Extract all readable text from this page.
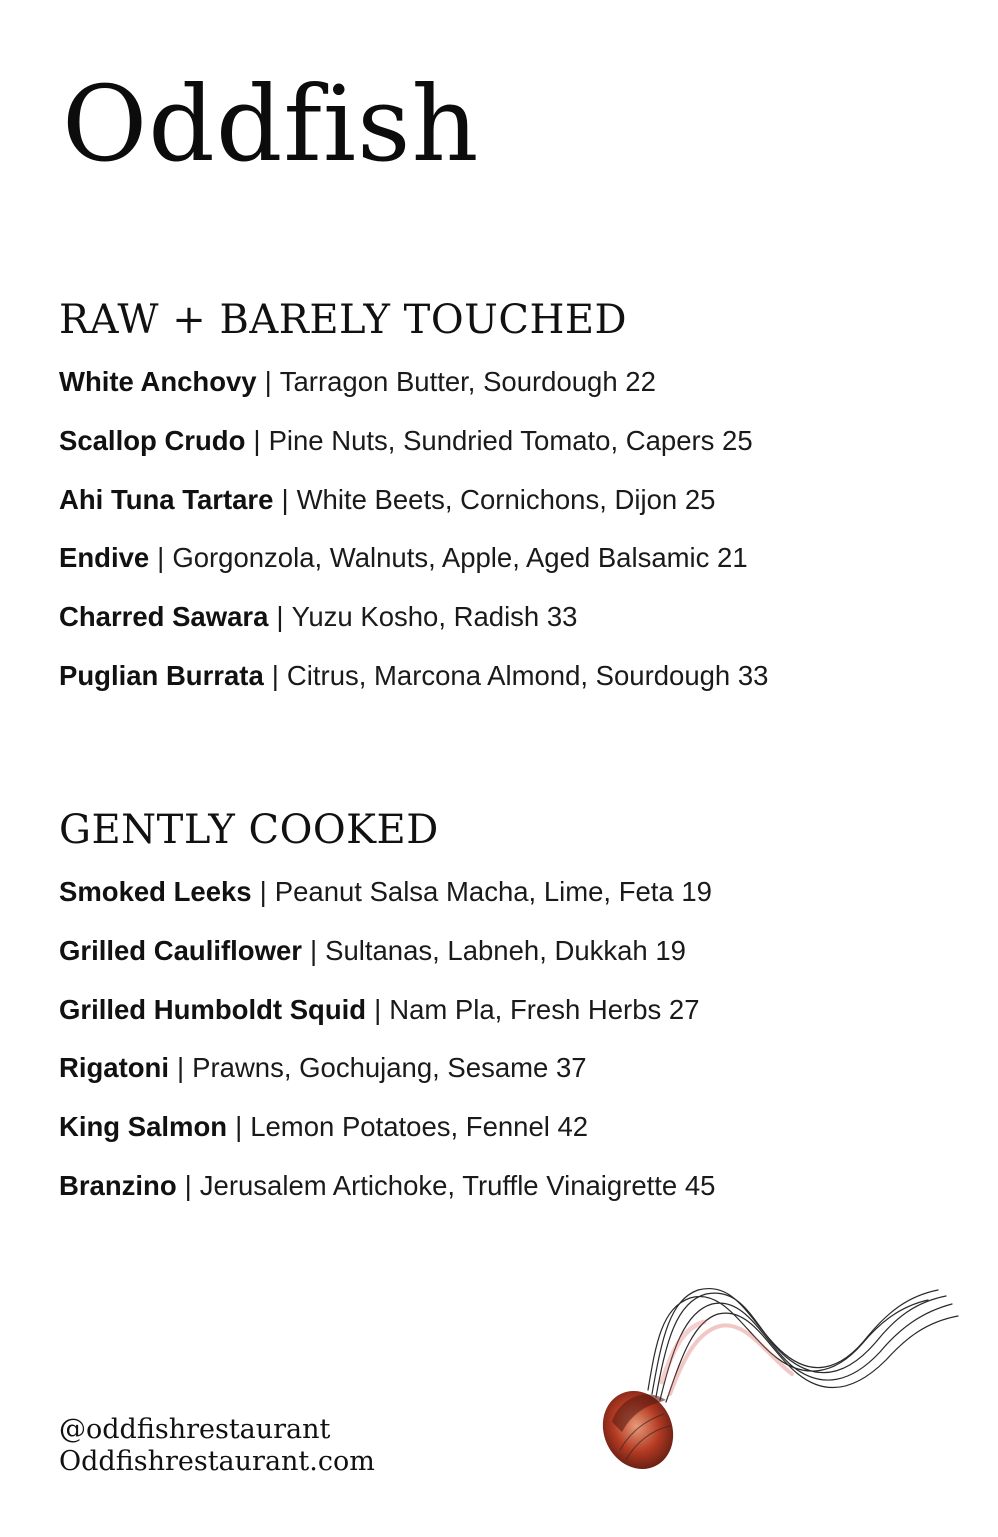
Oddfish
RAW + BARELY TOUCHED
White Anchovy | Tarragon Butter, Sourdough 22
Scallop Crudo | Pine Nuts, Sundried Tomato, Capers 25
Ahi Tuna Tartare | White Beets, Cornichons, Dijon 25
Endive | Gorgonzola, Walnuts, Apple, Aged Balsamic 21
Charred Sawara | Yuzu Kosho, Radish 33
Puglian Burrata | Citrus, Marcona Almond, Sourdough 33
GENTLY COOKED
Smoked Leeks | Peanut Salsa Macha, Lime, Feta 19
Grilled Cauliflower | Sultanas, Labneh, Dukkah 19
Grilled Humboldt Squid | Nam Pla, Fresh Herbs 27
Rigatoni | Prawns, Gochujang, Sesame 37
King Salmon | Lemon Potatoes, Fennel 42
Branzino | Jerusalem Artichoke, Truffle Vinaigrette 45
@oddfishrestaurant
Oddfishrestaurant.com
